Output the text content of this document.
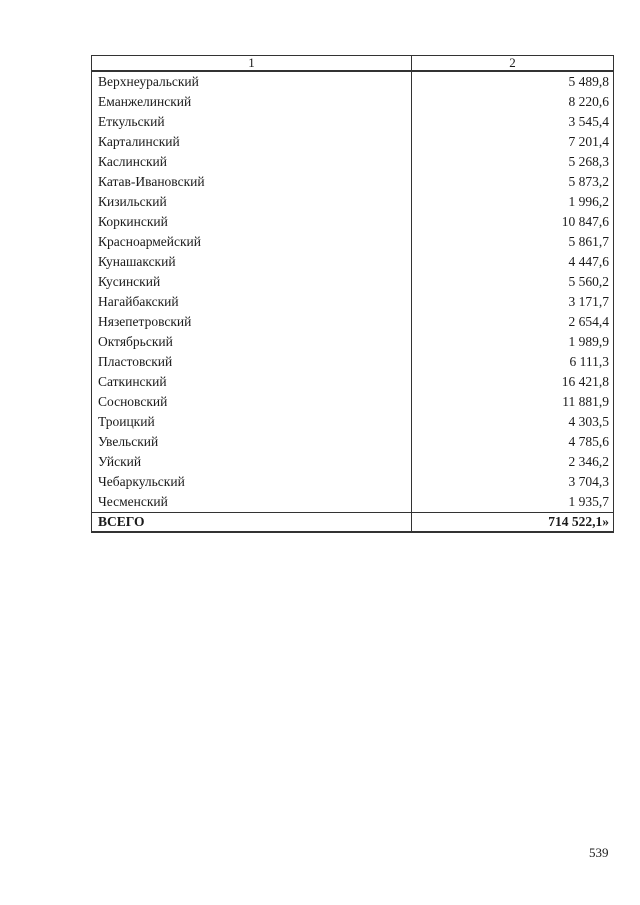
1	2
Верхнеуральский	5 489,8
Еманжелинский	8 220,6
Еткульский	3 545,4
Карталинский	7 201,4
Каслинский	5 268,3
Катав-Ивановский	5 873,2
Кизильский	1 996,2
Коркинский	10 847,6
Красноармейский	5 861,7
Кунашакский	4 447,6
Кусинский	5 560,2
Нагайбакский	3 171,7
Нязепетровский	2 654,4
Октябрьский	1 989,9
Пластовский	6 111,3
Саткинский	16 421,8
Сосновский	11 881,9
Троицкий	4 303,5
Увельский	4 785,6
Уйский	2 346,2
Чебаркульский	3 704,3
Чесменский	1 935,7
ВСЕГО	714 522,1»
539
